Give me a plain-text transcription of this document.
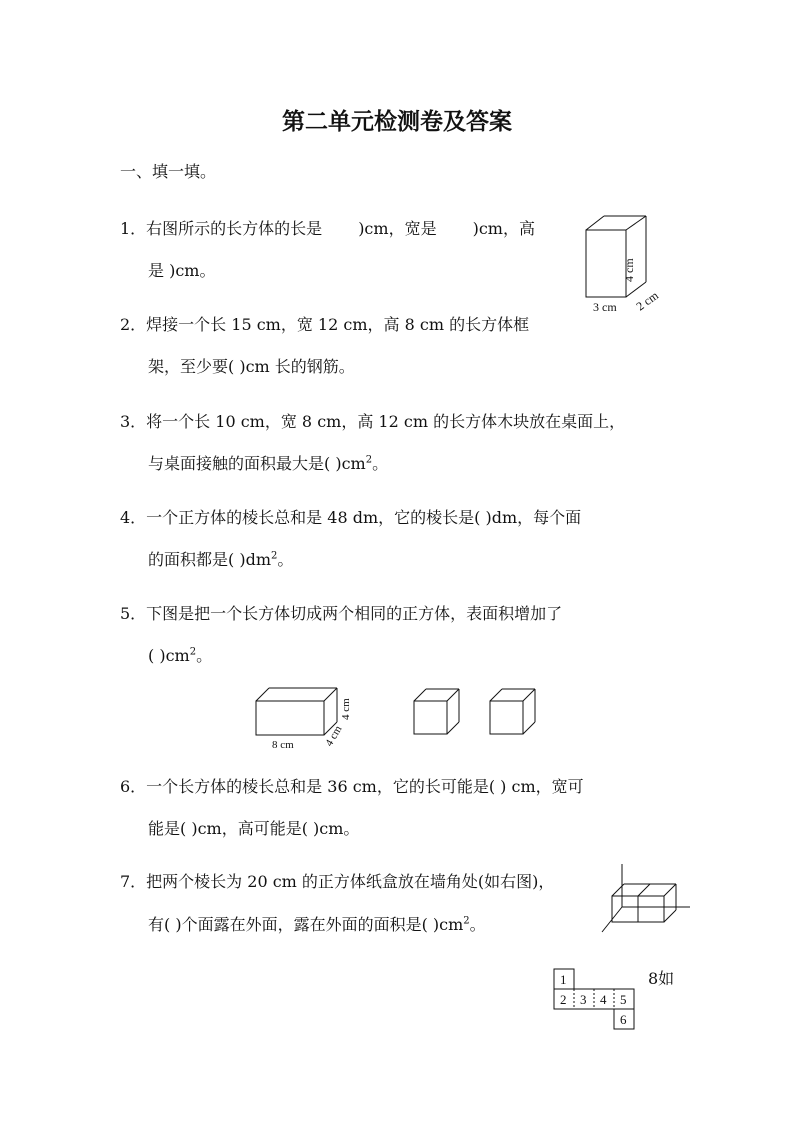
第二单元检测卷及答案
一、填一填。
1．右图所示的长方体的长是 )cm，宽是 )cm，高
是 )cm。	4 cm
3 cm 2 cm
2．焊接一个长 15 cm，宽 12 cm，高 8 cm 的长方体框
架，至少要( )cm 长的钢筋。
3．将一个长 10 cm，宽 8 cm，高 12 cm 的长方体木块放在桌面上，
与桌面接触的面积最大是( )$cm^2$。
4．一个正方体的棱长总和是 48 dm，它的棱长是( )dm，每个面
的面积都是( )$dm^2$。
5．下图是把一个长方体切成两个相同的正方体，表面积增加了
( )$cm^2$。
8 cm
4 cm
4 cm
6．一个长方体的棱长总和是 36 cm，它的长可能是( ) cm，宽可
能是( )cm，高可能是( )cm。
7．把两个棱长为 20 cm 的正方体纸盒放在墙角处(如右图)，
有( )个面露在外面，露在外面的面积是( )$cm^2$。
1
2 3 4 5
6
8如
